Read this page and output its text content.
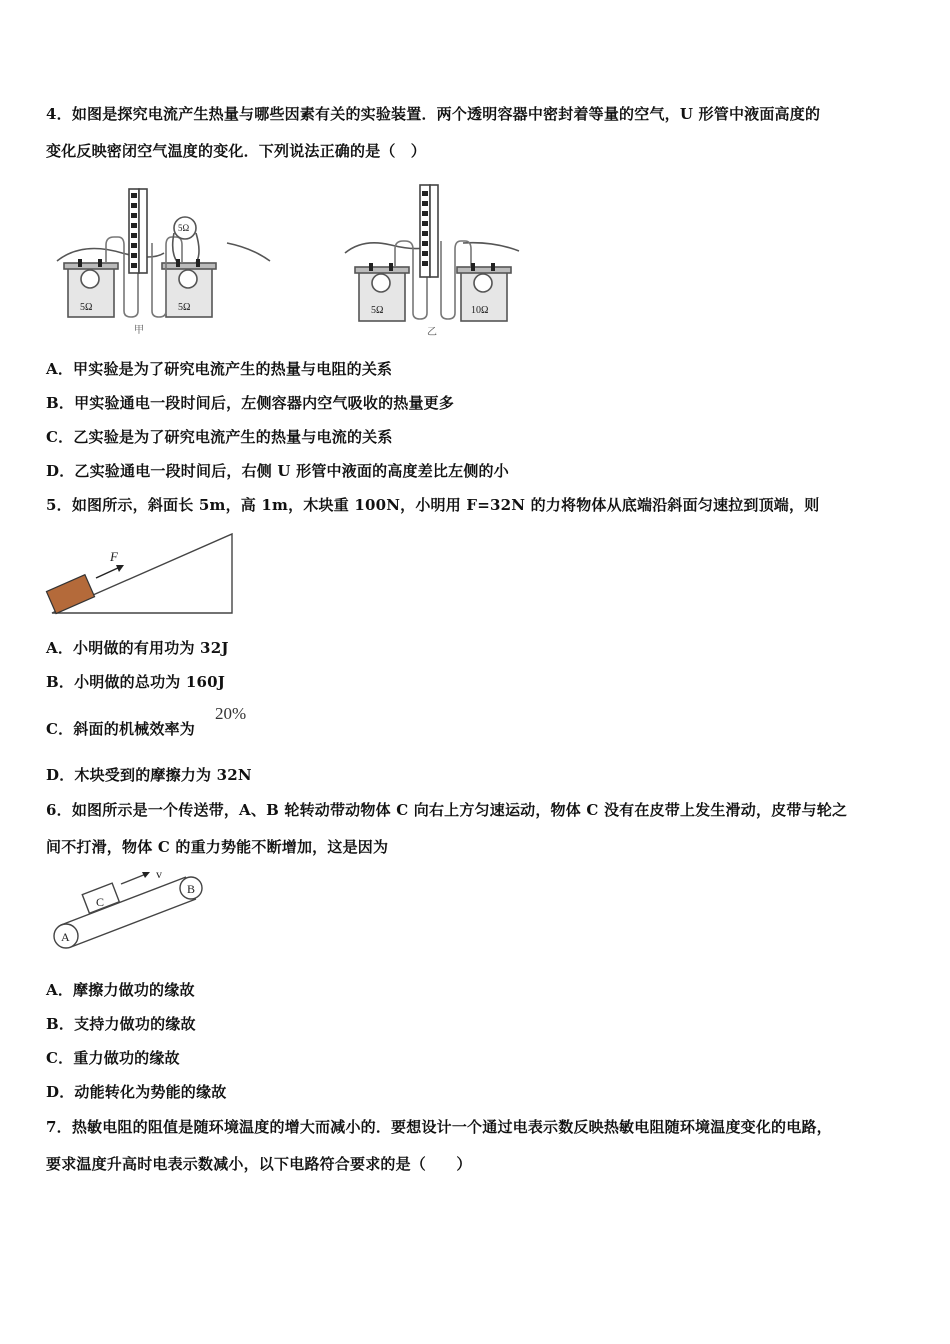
4．如图是探究电流产生热量与哪些因素有关的实验装置．两个透明容器中密封着等量的空气，U 形管中液面高度的
变化反映密闭空气温度的变化．下列说法正确的是（　）
5Ω	5Ω
5Ω
甲
5Ω	10Ω
乙
A．甲实验是为了研究电流产生的热量与电阻的关系
B．甲实验通电一段时间后，左侧容器内空气吸收的热量更多
C．乙实验是为了研究电流产生的热量与电流的关系
D．乙实验通电一段时间后，右侧 U 形管中液面的高度差比左侧的小
5．如图所示，斜面长 5m，高 1m，木块重 100N，小明用 F=32N 的力将物体从底端沿斜面匀速拉到顶端，则
F
A．小明做的有用功为 32J
B．小明做的总功为 160J
C．斜面的机械效率为
20%
D．木块受到的摩擦力为 32N
6．如图所示是一个传送带，A、B 轮转动带动物体 C 向右上方匀速运动，物体 C 没有在皮带上发生滑动，皮带与轮之
间不打滑，物体 C 的重力势能不断增加，这是因为
A
B
C
v
A．摩擦力做功的缘故
B．支持力做功的缘故
C．重力做功的缘故
D．动能转化为势能的缘故
7．热敏电阻的阻值是随环境温度的增大而减小的．要想设计一个通过电表示数反映热敏电阻随环境温度变化的电路，
要求温度升高时电表示数减小，以下电路符合要求的是（　　）
